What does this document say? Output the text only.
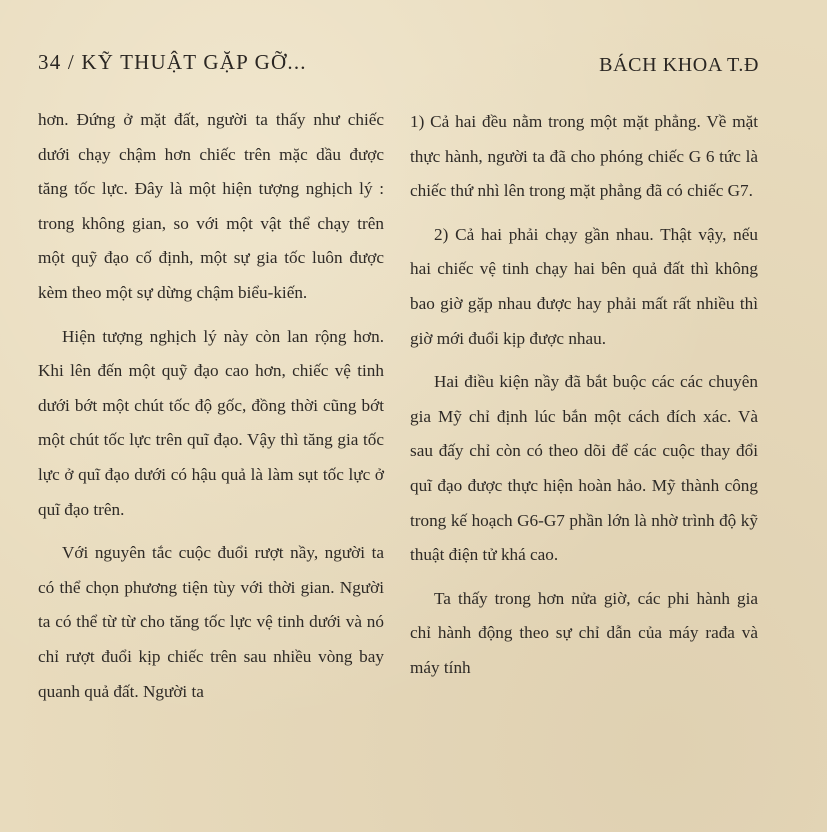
34 / KỸ THUẬT GẶP GỠ...	BÁCH KHOA T.Đ

hơn. Đứng ở mặt đất, người ta thấy như chiếc dưới chạy chậm hơn chiếc trên mặc dầu được tăng tốc lực. Đây là một hiện tượng nghịch lý : trong không gian, so với một vật thể chạy trên một quỹ đạo cố định, một sự gia tốc luôn được kèm theo một sự dừng chậm biểu-kiến.

Hiện tượng nghịch lý này còn lan rộng hơn. Khi lên đến một quỹ đạo cao hơn, chiếc vệ tinh dưới bớt một chút tốc độ gốc, đồng thời cũng bớt một chút tốc lực trên quĩ đạo. Vậy thì tăng gia tốc lực ở quĩ đạo dưới có hậu quả là làm sụt tốc lực ở quĩ đạo trên.

Với nguyên tắc cuộc đuổi rượt nầy, người ta có thể chọn phương tiện tùy với thời gian. Người ta có thể từ từ cho tăng tốc lực vệ tinh dưới và nó chỉ rượt đuổi kịp chiếc trên sau nhiều vòng bay quanh quả đất. Người ta

1) Cả hai đều nằm trong một mặt phẳng. Về mặt thực hành, người ta đã cho phóng chiếc G 6 tức là chiếc thứ nhì lên trong mặt phẳng đã có chiếc G7.

2) Cả hai phải chạy gần nhau. Thật vậy, nếu hai chiếc vệ tinh chạy hai bên quả đất thì không bao giờ gặp nhau được hay phải mất rất nhiều thì giờ mới đuổi kịp được nhau.

Hai điều kiện nầy đã bắt buộc các các chuyên gia Mỹ chỉ định lúc bắn một cách đích xác. Và sau đấy chỉ còn có theo dõi để các cuộc thay đổi quĩ đạo được thực hiện hoàn hảo. Mỹ thành công trong kế hoạch G6-G7 phần lớn là nhờ trình độ kỹ thuật điện tử khá cao.

Ta thấy trong hơn nửa giờ, các phi hành gia chỉ hành động theo sự chỉ dẫn của máy rađa và máy tính
